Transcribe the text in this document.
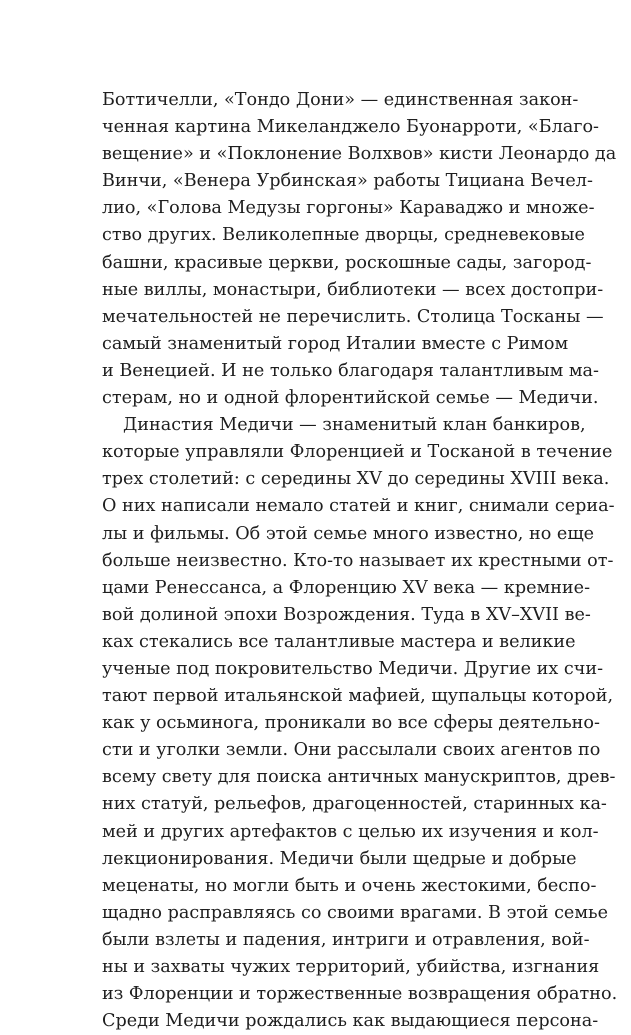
Боттичелли, «Тондо Дони» — единственная закон-
ченная картина Микеланджело Буонарроти, «Благо-
вещение» и «Поклонение Волхвов» кисти Леонардо да
Винчи, «Венера Урбинская» работы Тициана Вечел-
лио, «Голова Медузы горгоны» Караваджо и множе-
ство других. Великолепные дворцы, средневековые
башни, красивые церкви, роскошные сады, загород-
ные виллы, монастыри, библиотеки — всех достопри-
мечательностей не перечислить. Столица Тосканы —
самый знаменитый город Италии вместе с Римом
и Венецией. И не только благодаря талантливым ма-
стерам, но и одной флорентийской семье — Медичи.
Династия Медичи — знаменитый клан банкиров,
которые управляли Флоренцией и Тосканой в течение
трех столетий: с середины XV до середины XVIII века.
О них написали немало статей и книг, снимали сериа-
лы и фильмы. Об этой семье много известно, но еще
больше неизвестно. Кто-то называет их крестными от-
цами Ренессанса, а Флоренцию XV века — кремние-
вой долиной эпохи Возрождения. Туда в XV–XVII ве-
ках стекались все талантливые мастера и великие
ученые под покровительство Медичи. Другие их счи-
тают первой итальянской мафией, щупальцы которой,
как у осьминога, проникали во все сферы деятельно-
сти и уголки земли. Они рассылали своих агентов по
всему свету для поиска античных манускриптов, древ-
них статуй, рельефов, драгоценностей, старинных ка-
мей и других артефактов с целью их изучения и кол-
лекционирования. Медичи были щедрые и добрые
меценаты, но могли быть и очень жестокими, беспо-
щадно расправляясь со своими врагами. В этой семье
были взлеты и падения, интриги и отравления, вой-
ны и захваты чужих территорий, убийства, изгнания
из Флоренции и торжественные возвращения обратно.
Среди Медичи рождались как выдающиеся персона-
